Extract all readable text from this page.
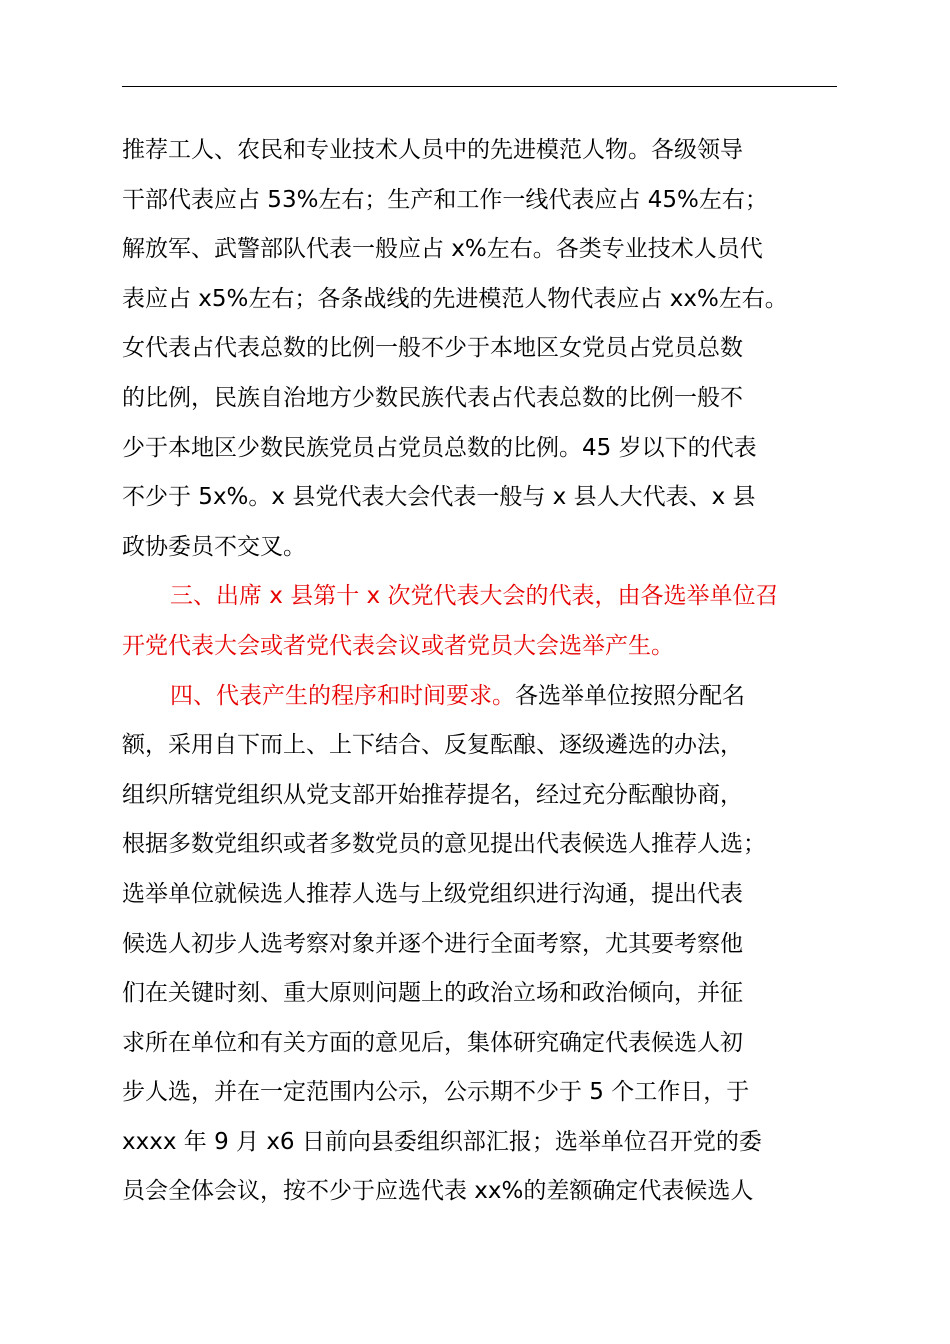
推荐工人、农民和专业技术人员中的先进模范人物。各级领导
干部代表应占 53%左右；生产和工作一线代表应占 45%左右；
解放军、武警部队代表一般应占 x%左右。各类专业技术人员代
表应占 x5%左右；各条战线的先进模范人物代表应占 xx%左右。
女代表占代表总数的比例一般不少于本地区女党员占党员总数
的比例，民族自治地方少数民族代表占代表总数的比例一般不
少于本地区少数民族党员占党员总数的比例。45 岁以下的代表
不少于 5x%。x 县党代表大会代表一般与 x 县人大代表、x 县
政协委员不交叉。
三、出席 x 县第十 x 次党代表大会的代表，由各选举单位召
开党代表大会或者党代表会议或者党员大会选举产生。
四、代表产生的程序和时间要求。各选举单位按照分配名
额，采用自下而上、上下结合、反复酝酿、逐级遴选的办法，
组织所辖党组织从党支部开始推荐提名，经过充分酝酿协商，
根据多数党组织或者多数党员的意见提出代表候选人推荐人选；
选举单位就候选人推荐人选与上级党组织进行沟通，提出代表
候选人初步人选考察对象并逐个进行全面考察，尤其要考察他
们在关键时刻、重大原则问题上的政治立场和政治倾向，并征
求所在单位和有关方面的意见后，集体研究确定代表候选人初
步人选，并在一定范围内公示，公示期不少于 5 个工作日，于
xxxx 年 9 月 x6 日前向县委组织部汇报；选举单位召开党的委
员会全体会议，按不少于应选代表 xx%的差额确定代表候选人
